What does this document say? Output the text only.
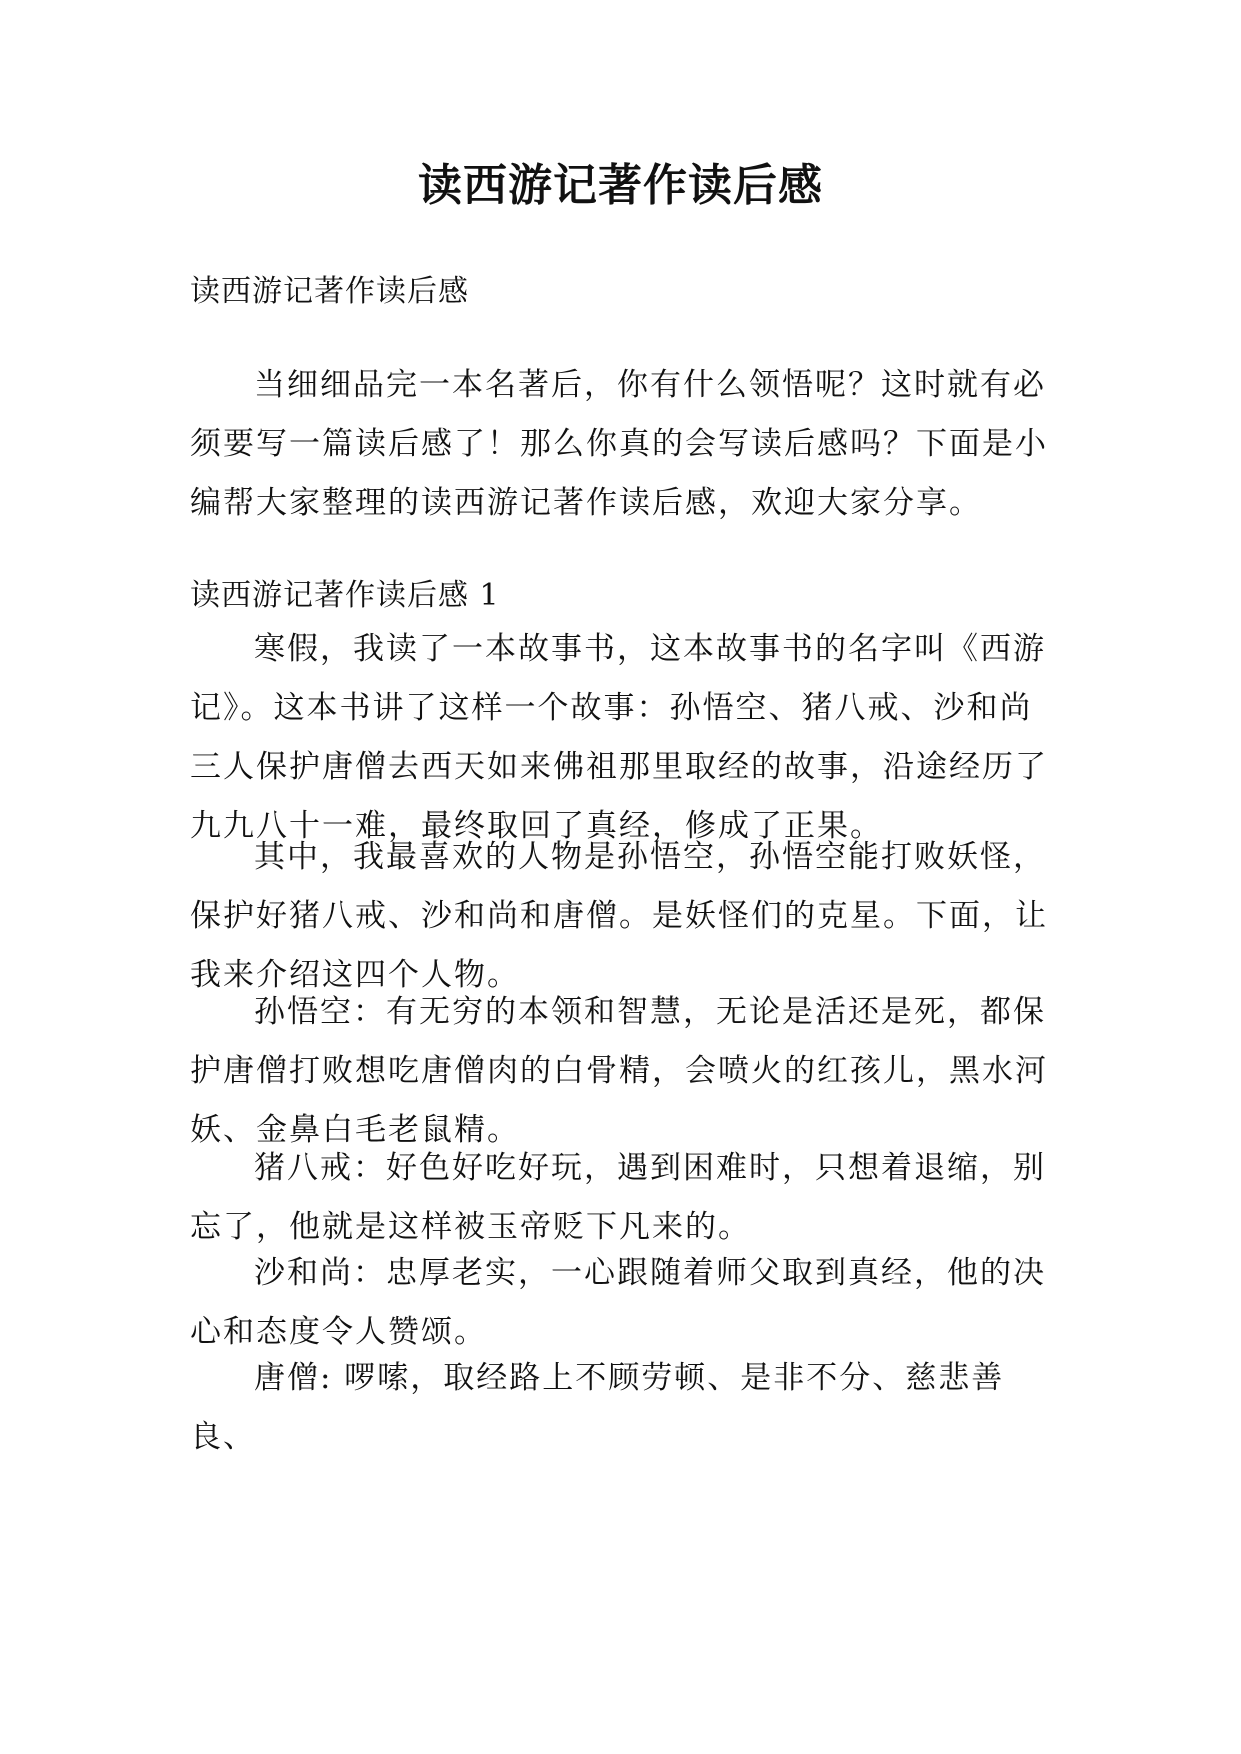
读西游记著作读后感

读西游记著作读后感

当细细品完一本名著后，你有什么领悟呢？这时就有必须要写一篇读后感了！那么你真的会写读后感吗？下面是小编帮大家整理的读西游记著作读后感，欢迎大家分享。

读西游记著作读后感 1

寒假，我读了一本故事书，这本故事书的名字叫《西游记》。这本书讲了这样一个故事：孙悟空、猪八戒、沙和尚三人保护唐僧去西天如来佛祖那里取经的故事，沿途经历了九九八十一难，最终取回了真经，修成了正果。

其中，我最喜欢的人物是孙悟空，孙悟空能打败妖怪，保护好猪八戒、沙和尚和唐僧。是妖怪们的克星。下面，让我来介绍这四个人物。

孙悟空：有无穷的本领和智慧，无论是活还是死，都保护唐僧打败想吃唐僧肉的白骨精，会喷火的红孩儿，黑水河妖、金鼻白毛老鼠精。

猪八戒：好色好吃好玩，遇到困难时，只想着退缩，别忘了，他就是这样被玉帝贬下凡来的。

沙和尚：忠厚老实，一心跟随着师父取到真经，他的决心和态度令人赞颂。

唐僧: 啰嗦，取经路上不顾劳顿、是非不分、慈悲善良、
